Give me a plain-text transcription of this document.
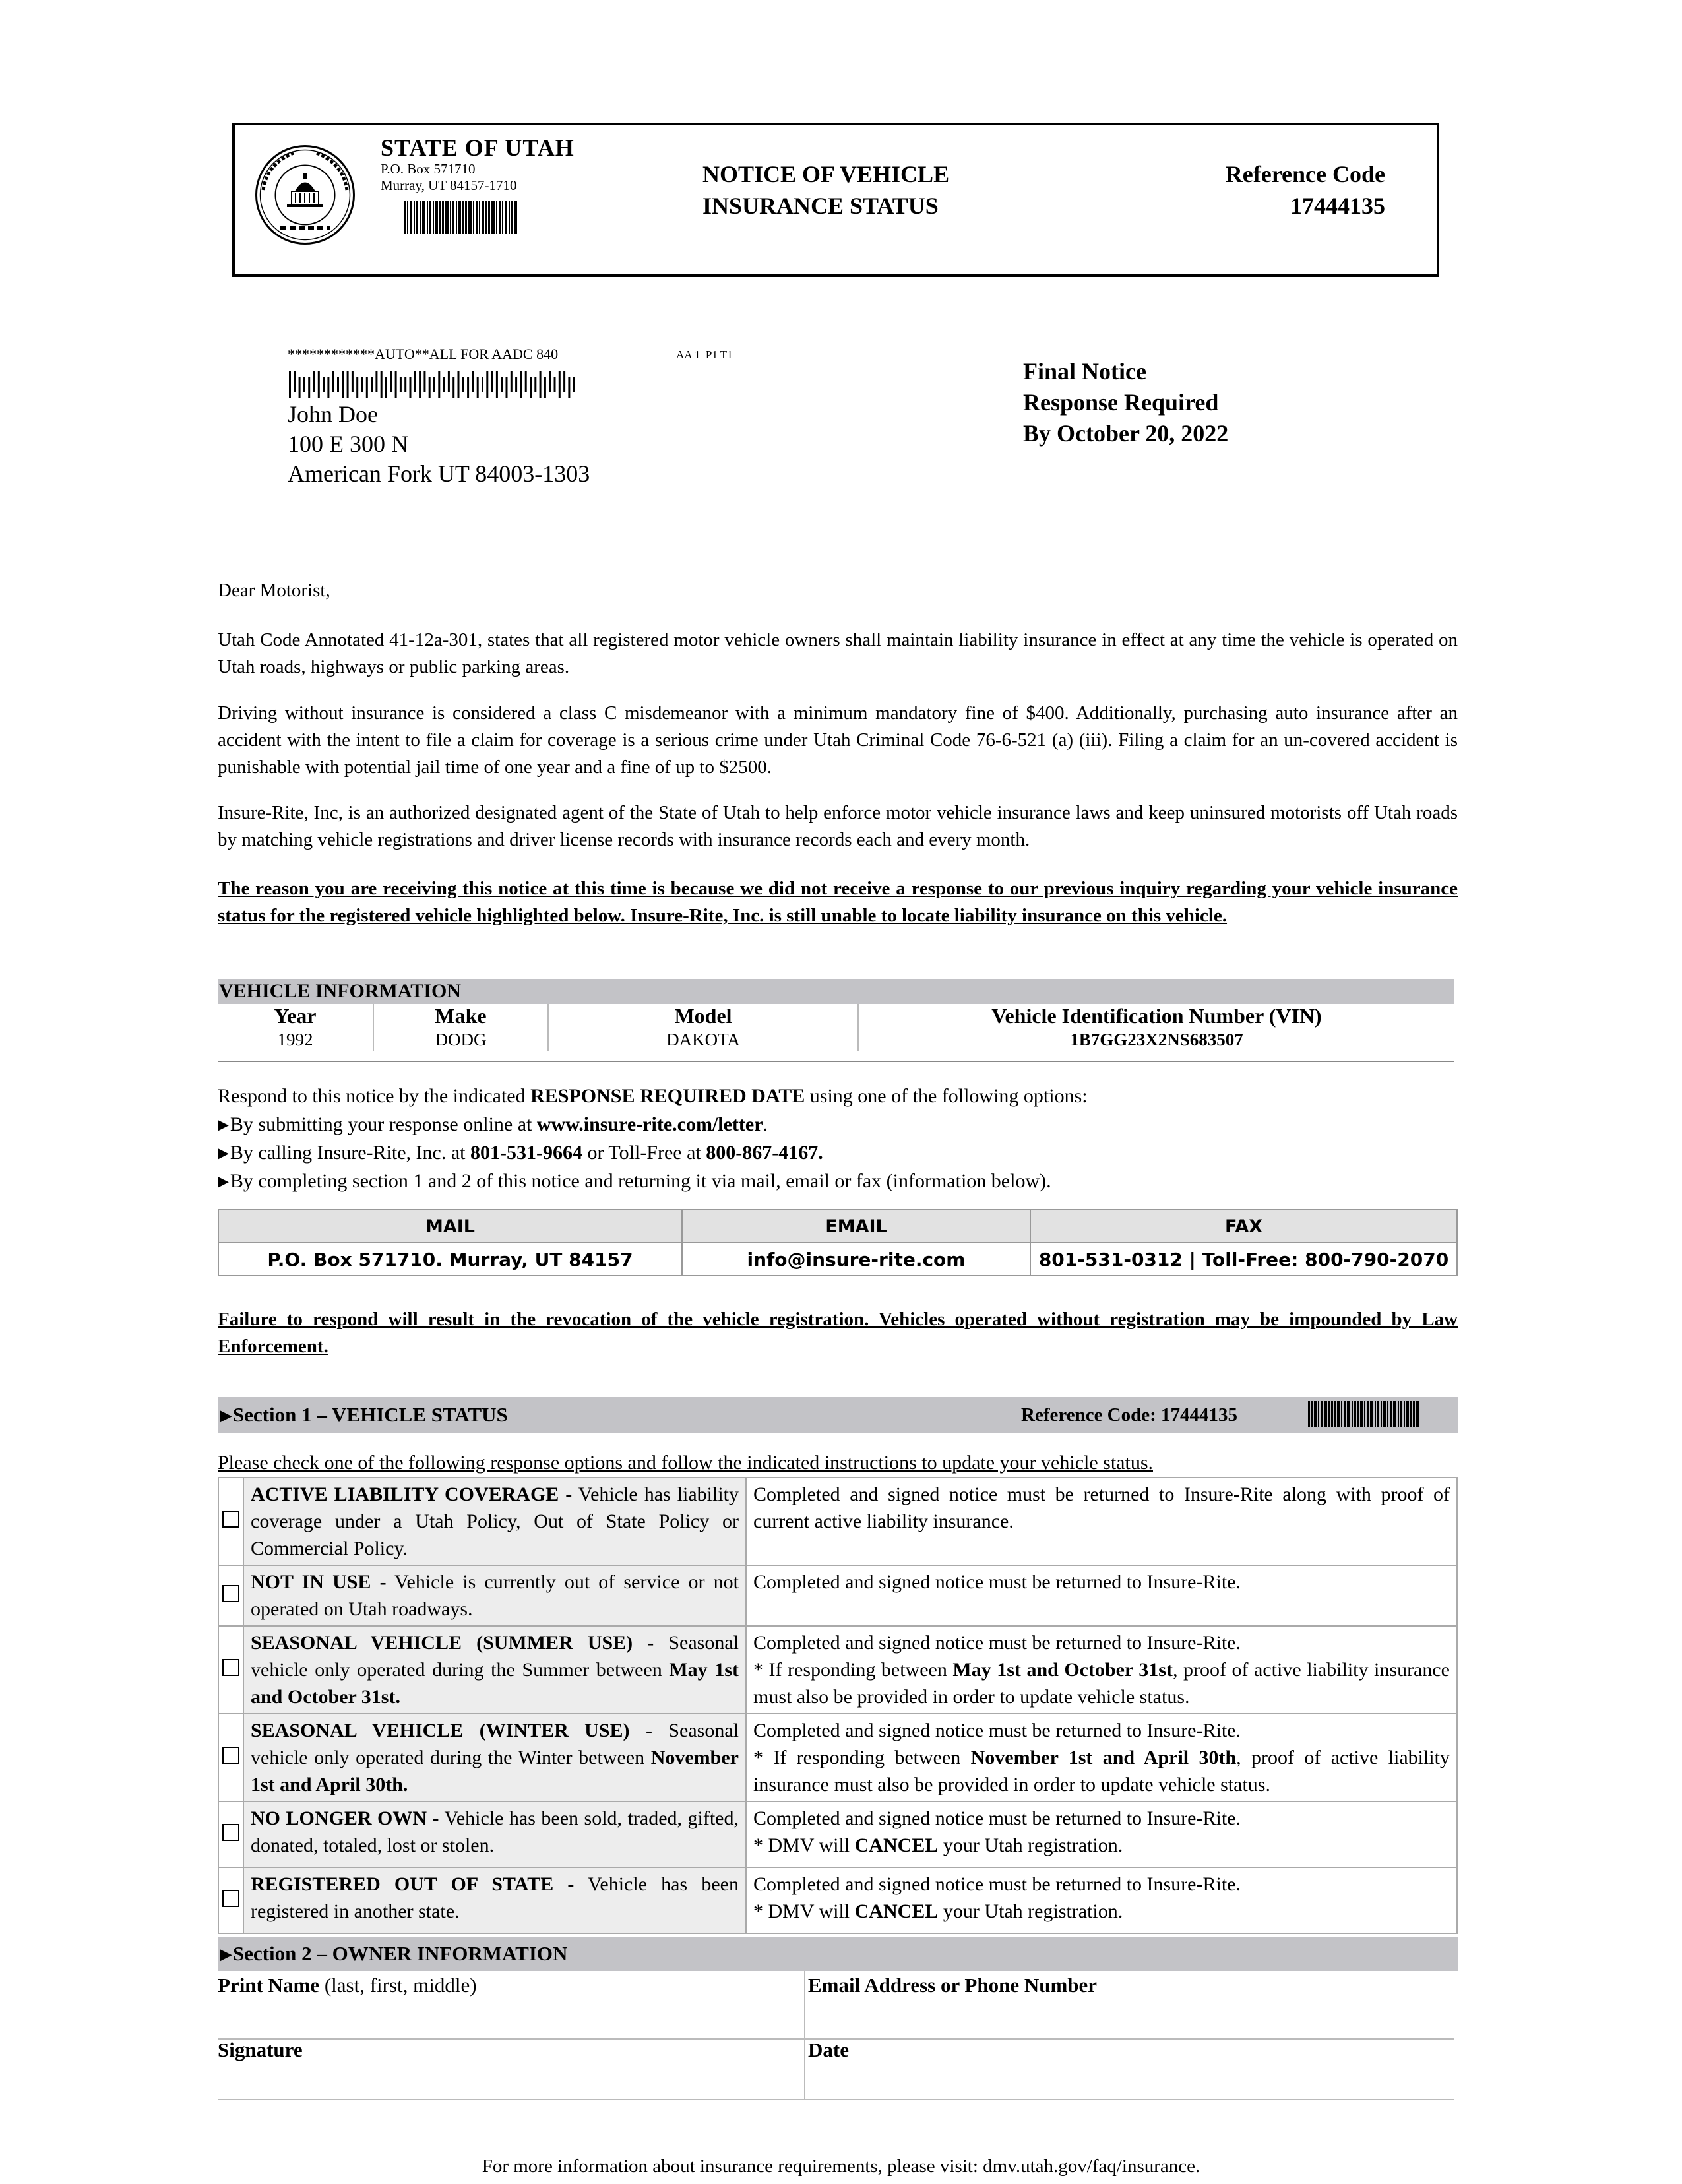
STATE OF UTAH
P.O. Box 571710
Murray, UT 84157-1710	NOTICE OF VEHICLE
INSURANCE STATUS
Reference Code
17444135
************AUTO**ALL FOR AADC 840	AA 1_P1 T1
John Doe
100 E 300 N
American Fork UT 84003-1303
Final Notice
Response Required
By October 20, 2022
Dear Motorist,
Utah Code Annotated 41-12a-301, states that all registered motor vehicle owners shall maintain liability insurance in effect at any time the vehicle is operated on Utah roads, highways or public parking areas.
Driving without insurance is considered a class C misdemeanor with a minimum mandatory fine of $400. Additionally, purchasing auto insurance after an accident with the intent to file a claim for coverage is a serious crime under Utah Criminal Code 76-6-521 (a) (iii). Filing a claim for an un-covered accident is punishable with potential jail time of one year and a fine of up to $2500.
Insure-Rite, Inc, is an authorized designated agent of the State of Utah to help enforce motor vehicle insurance laws and keep uninsured motorists off Utah roads by matching vehicle registrations and driver license records with insurance records each and every month.
The reason you are receiving this notice at this time is because we did not receive a response to our previous inquiry regarding your vehicle insurance status for the registered vehicle highlighted below. Insure-Rite, Inc. is still unable to locate liability insurance on this vehicle.
VEHICLE INFORMATION
Year	Make	Model	Vehicle Identification Number (VIN)
1992	DODG	DAKOTA	1B7GG23X2NS683507
Respond to this notice by the indicated RESPONSE REQUIRED DATE using one of the following options:
▶By submitting your response online at www.insure-rite.com/letter.
▶By calling Insure-Rite, Inc. at 801-531-9664 or Toll-Free at 800-867-4167.
▶By completing section 1 and 2 of this notice and returning it via mail, email or fax (information below).
MAIL	EMAIL	FAX
P.O. Box 571710. Murray, UT 84157	info@insure-rite.com	801-531-0312 | Toll-Free: 800-790-2070
Failure to respond will result in the revocation of the vehicle registration. Vehicles operated without registration may be impounded by Law Enforcement.
▶Section 1 – VEHICLE STATUS	Reference Code: 17444135
Please check one of the following response options and follow the indicated instructions to update your vehicle status.
	ACTIVE LIABILITY COVERAGE - Vehicle has liability coverage under a Utah Policy, Out of State Policy or Commercial Policy.	Completed and signed notice must be returned to Insure-Rite along with proof of current active liability insurance.
	NOT IN USE - Vehicle is currently out of service or not operated on Utah roadways.	Completed and signed notice must be returned to Insure-Rite.
	SEASONAL VEHICLE (SUMMER USE) - Seasonal vehicle only operated during the Summer between May 1st and October 31st.	Completed and signed notice must be returned to Insure-Rite.
* If responding between May 1st and October 31st, proof of active liability insurance must also be provided in order to update vehicle status.
	SEASONAL VEHICLE (WINTER USE) - Seasonal vehicle only operated during the Winter between November 1st and April 30th.	Completed and signed notice must be returned to Insure-Rite.
* If responding between November 1st and April 30th, proof of active liability insurance must also be provided in order to update vehicle status.
	NO LONGER OWN - Vehicle has been sold, traded, gifted, donated, totaled, lost or stolen.	Completed and signed notice must be returned to Insure-Rite.
* DMV will CANCEL your Utah registration.
	REGISTERED OUT OF STATE - Vehicle has been registered in another state.	Completed and signed notice must be returned to Insure-Rite.
* DMV will CANCEL your Utah registration.
▶Section 2 – OWNER INFORMATION
Print Name (last, first, middle)	Email Address or Phone Number
Signature	Date
For more information about insurance requirements, please visit: dmv.utah.gov/faq/insurance.
